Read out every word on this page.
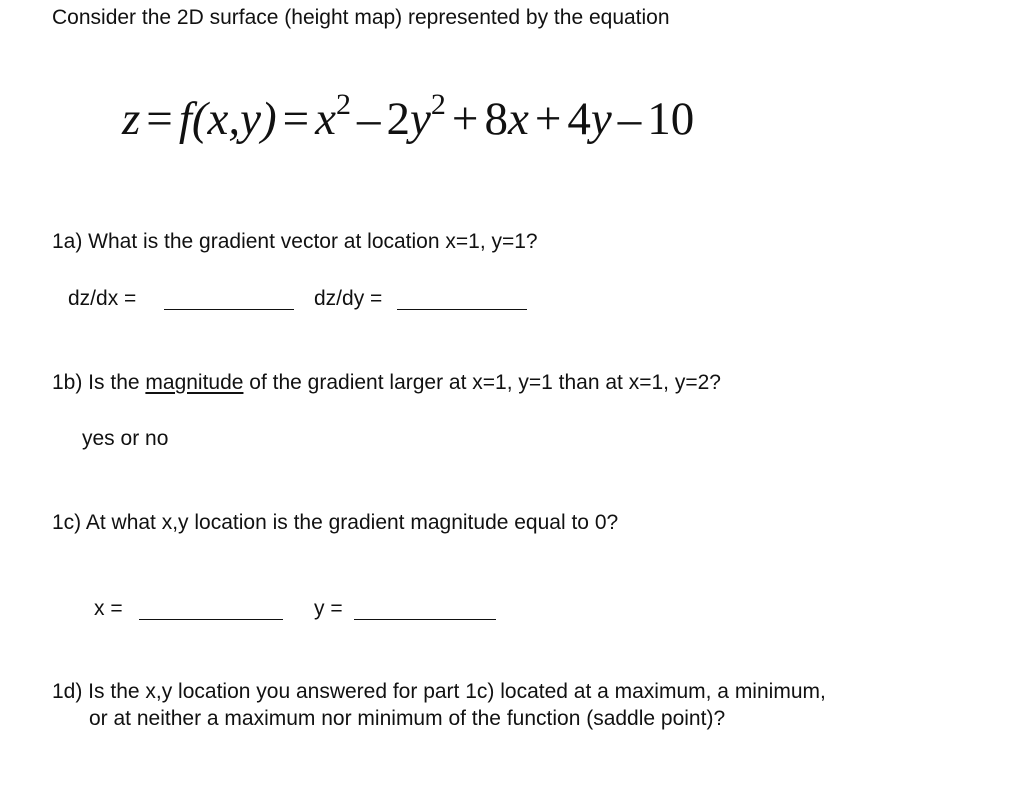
Consider the 2D surface (height map) represented by the equation
$z = f(x,y) = x^2 - 2y^2 + 8x + 4y - 10$
1a) What is the gradient vector at location x=1, y=1?
dz/dx =	dz/dy =
1b) Is the magnitude of the gradient larger at x=1, y=1 than at x=1, y=2?
yes or no
1c) At what x,y location is the gradient magnitude equal to 0?
x =	y =
1d) Is the x,y location you answered for part 1c) located at a maximum, a minimum,
or at neither a maximum nor minimum of the function (saddle point)?
